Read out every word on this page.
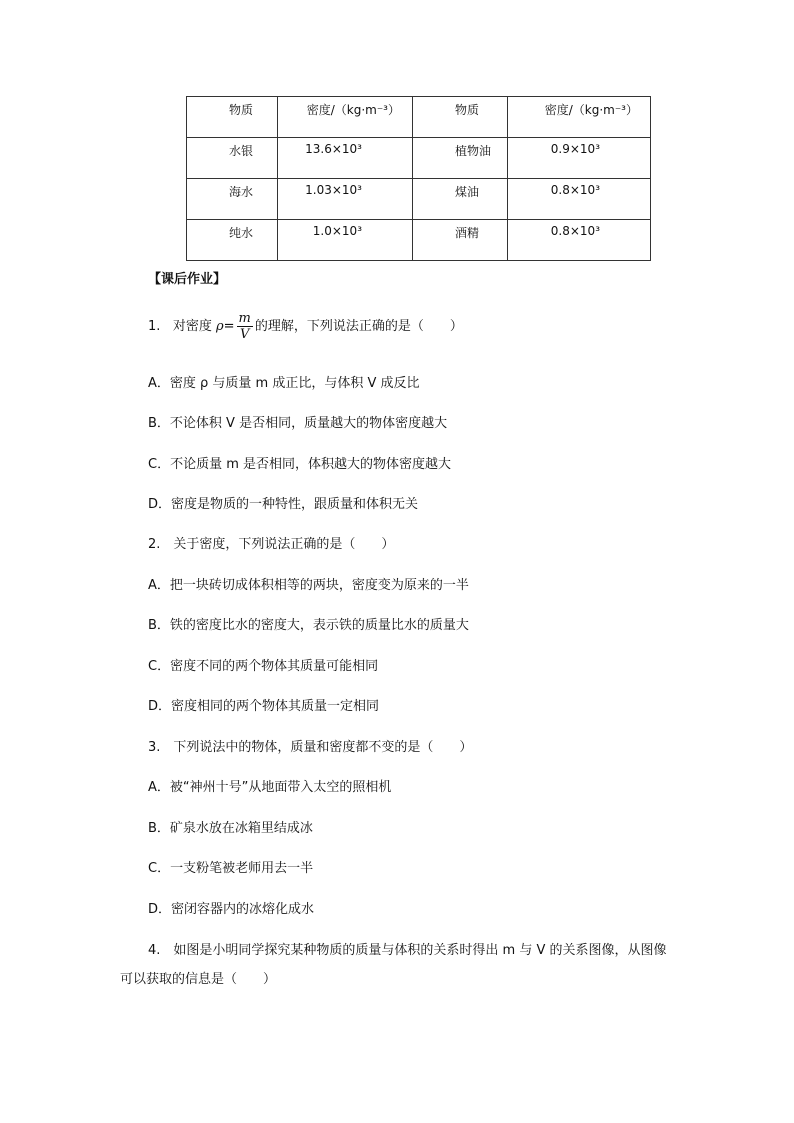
物质	密度/（kg·m⁻³）	物质	密度/（kg·m⁻³）
水银	13.6×10³	植物油	0.9×10³
海水	1.03×10³	煤油	0.8×10³
纯水	1.0×10³	酒精	0.8×10³
【课后作业】
1. 对密度 $\rho= \frac{m}{V}$ 的理解，下列说法正确的是（　　）
A．密度 ρ 与质量 m 成正比，与体积 V 成反比
B．不论体积 V 是否相同，质量越大的物体密度越大
C．不论质量 m 是否相同，体积越大的物体密度越大
D．密度是物质的一种特性，跟质量和体积无关
2.　关于密度，下列说法正确的是（　　）
A．把一块砖切成体积相等的两块，密度变为原来的一半
B．铁的密度比水的密度大，表示铁的质量比水的质量大
C．密度不同的两个物体其质量可能相同
D．密度相同的两个物体其质量一定相同
3.　下列说法中的物体，质量和密度都不变的是（　　）
A．被“神州十号”从地面带入太空的照相机
B．矿泉水放在冰箱里结成冰
C．一支粉笔被老师用去一半
D．密闭容器内的冰熔化成水
4.　如图是小明同学探究某种物质的质量与体积的关系时得出 m 与 V 的关系图像，从图像
可以获取的信息是（　　）
